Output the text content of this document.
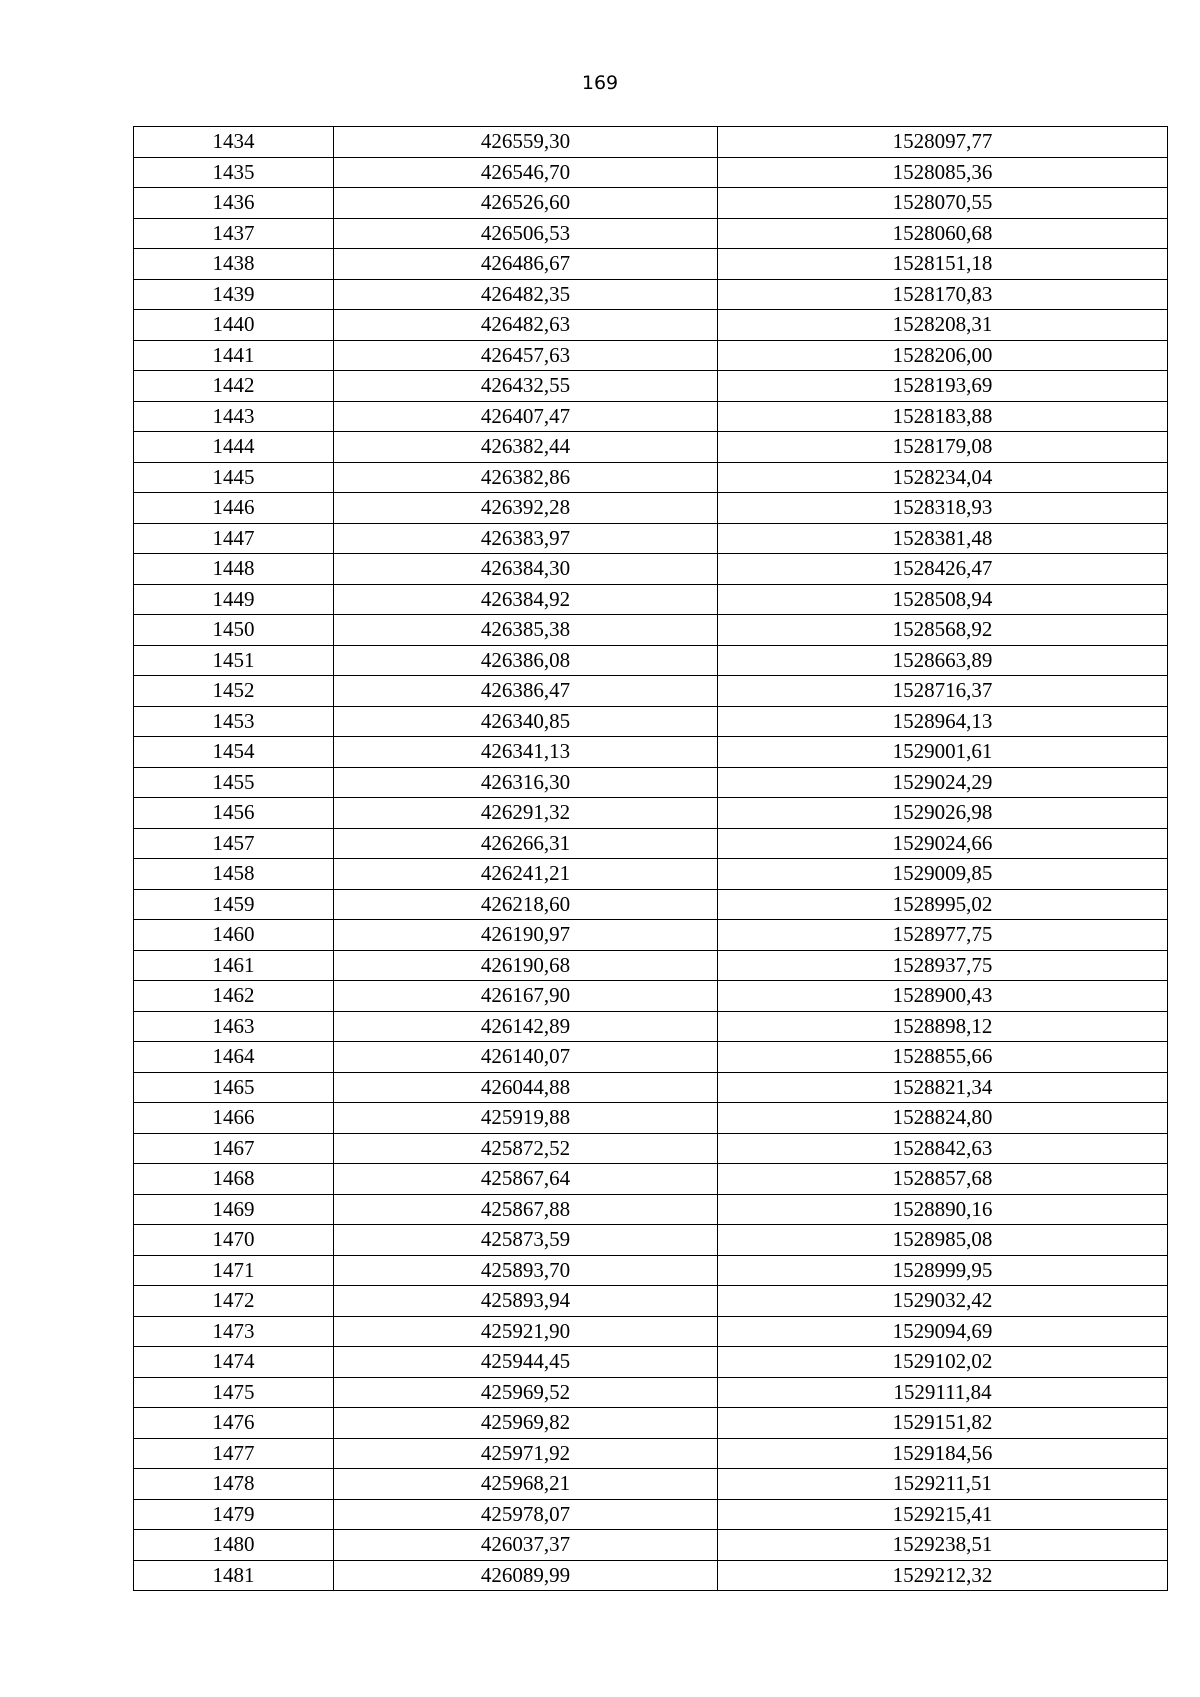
169
1434	426559,30	1528097,77
1435	426546,70	1528085,36
1436	426526,60	1528070,55
1437	426506,53	1528060,68
1438	426486,67	1528151,18
1439	426482,35	1528170,83
1440	426482,63	1528208,31
1441	426457,63	1528206,00
1442	426432,55	1528193,69
1443	426407,47	1528183,88
1444	426382,44	1528179,08
1445	426382,86	1528234,04
1446	426392,28	1528318,93
1447	426383,97	1528381,48
1448	426384,30	1528426,47
1449	426384,92	1528508,94
1450	426385,38	1528568,92
1451	426386,08	1528663,89
1452	426386,47	1528716,37
1453	426340,85	1528964,13
1454	426341,13	1529001,61
1455	426316,30	1529024,29
1456	426291,32	1529026,98
1457	426266,31	1529024,66
1458	426241,21	1529009,85
1459	426218,60	1528995,02
1460	426190,97	1528977,75
1461	426190,68	1528937,75
1462	426167,90	1528900,43
1463	426142,89	1528898,12
1464	426140,07	1528855,66
1465	426044,88	1528821,34
1466	425919,88	1528824,80
1467	425872,52	1528842,63
1468	425867,64	1528857,68
1469	425867,88	1528890,16
1470	425873,59	1528985,08
1471	425893,70	1528999,95
1472	425893,94	1529032,42
1473	425921,90	1529094,69
1474	425944,45	1529102,02
1475	425969,52	1529111,84
1476	425969,82	1529151,82
1477	425971,92	1529184,56
1478	425968,21	1529211,51
1479	425978,07	1529215,41
1480	426037,37	1529238,51
1481	426089,99	1529212,32
